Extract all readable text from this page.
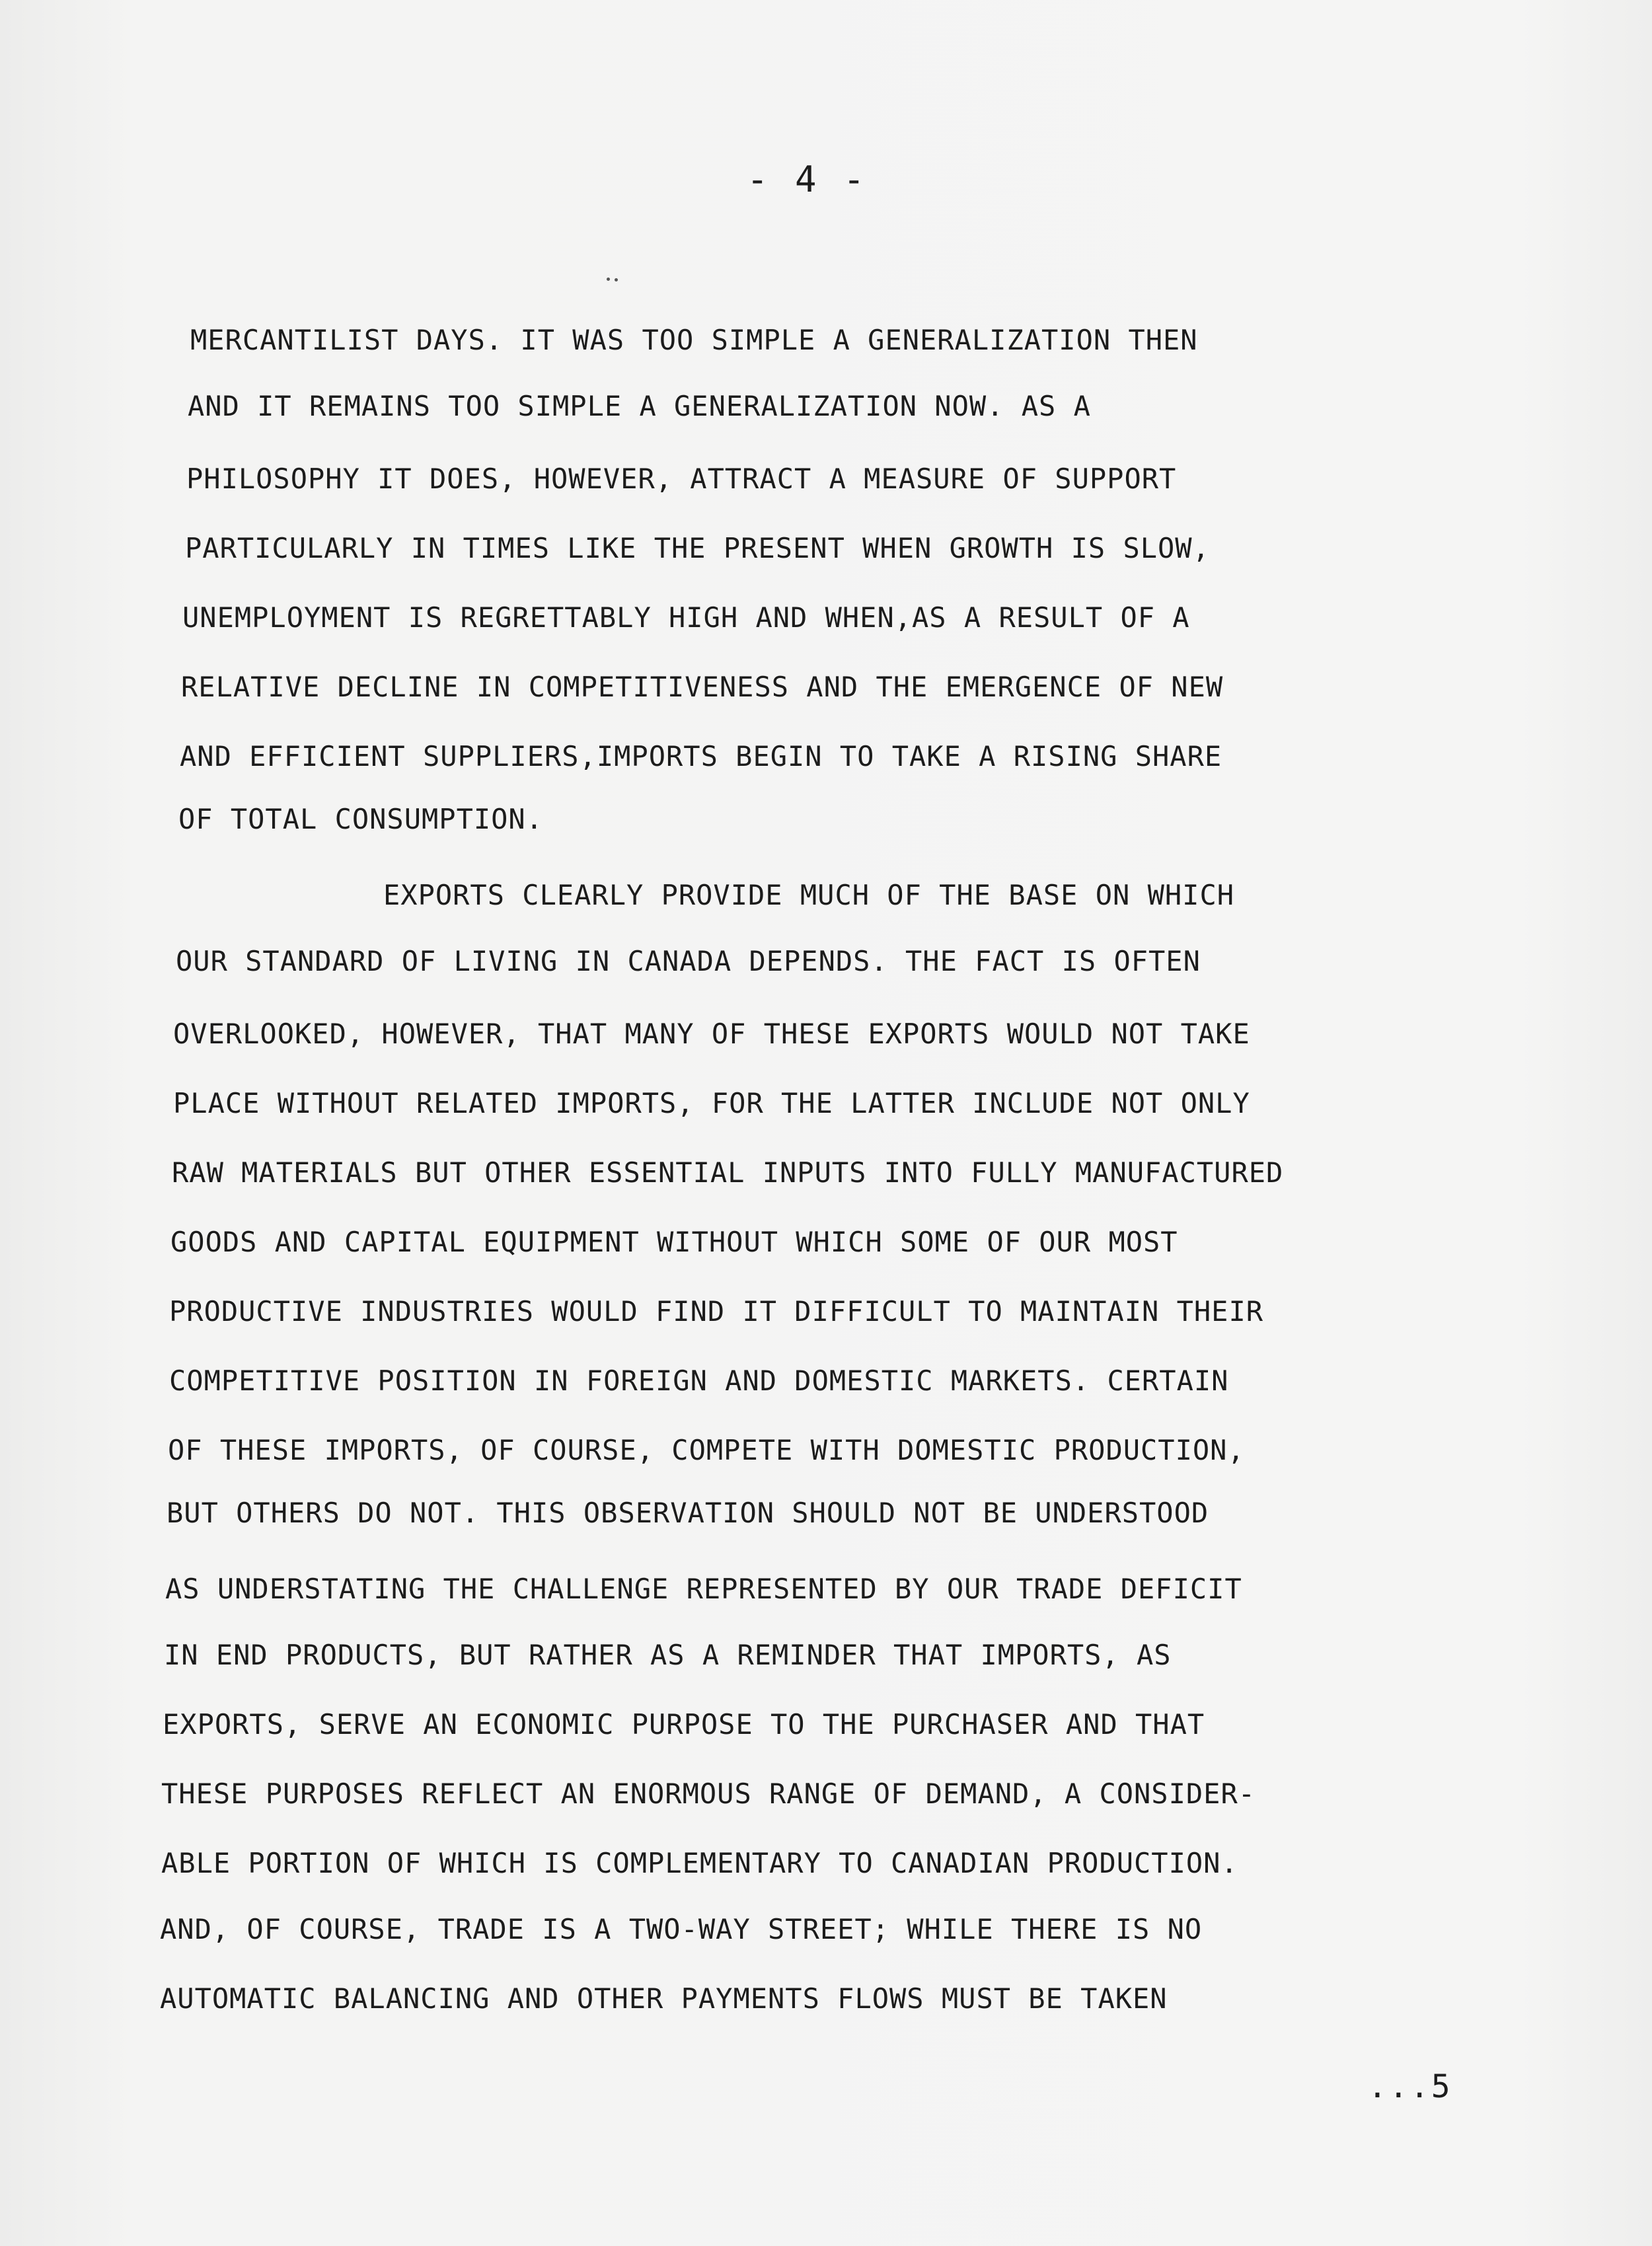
- 4 -
MERCANTILIST DAYS. IT WAS TOO SIMPLE A GENERALIZATION THEN
AND IT REMAINS TOO SIMPLE A GENERALIZATION NOW. AS A
PHILOSOPHY IT DOES, HOWEVER, ATTRACT A MEASURE OF SUPPORT
PARTICULARLY IN TIMES LIKE THE PRESENT WHEN GROWTH IS SLOW,
UNEMPLOYMENT IS REGRETTABLY HIGH AND WHEN,AS A RESULT OF A
RELATIVE DECLINE IN COMPETITIVENESS AND THE EMERGENCE OF NEW
AND EFFICIENT SUPPLIERS,IMPORTS BEGIN TO TAKE A RISING SHARE
OF TOTAL CONSUMPTION.
EXPORTS CLEARLY PROVIDE MUCH OF THE BASE ON WHICH
OUR STANDARD OF LIVING IN CANADA DEPENDS. THE FACT IS OFTEN
OVERLOOKED, HOWEVER, THAT MANY OF THESE EXPORTS WOULD NOT TAKE
PLACE WITHOUT RELATED IMPORTS, FOR THE LATTER INCLUDE NOT ONLY
RAW MATERIALS BUT OTHER ESSENTIAL INPUTS INTO FULLY MANUFACTURED
GOODS AND CAPITAL EQUIPMENT WITHOUT WHICH SOME OF OUR MOST
PRODUCTIVE INDUSTRIES WOULD FIND IT DIFFICULT TO MAINTAIN THEIR
COMPETITIVE POSITION IN FOREIGN AND DOMESTIC MARKETS. CERTAIN
OF THESE IMPORTS, OF COURSE, COMPETE WITH DOMESTIC PRODUCTION,
BUT OTHERS DO NOT. THIS OBSERVATION SHOULD NOT BE UNDERSTOOD
AS UNDERSTATING THE CHALLENGE REPRESENTED BY OUR TRADE DEFICIT
IN END PRODUCTS, BUT RATHER AS A REMINDER THAT IMPORTS, AS
EXPORTS, SERVE AN ECONOMIC PURPOSE TO THE PURCHASER AND THAT
THESE PURPOSES REFLECT AN ENORMOUS RANGE OF DEMAND, A CONSIDER-
ABLE PORTION OF WHICH IS COMPLEMENTARY TO CANADIAN PRODUCTION.
AND, OF COURSE, TRADE IS A TWO-WAY STREET; WHILE THERE IS NO
AUTOMATIC BALANCING AND OTHER PAYMENTS FLOWS MUST BE TAKEN
...5
